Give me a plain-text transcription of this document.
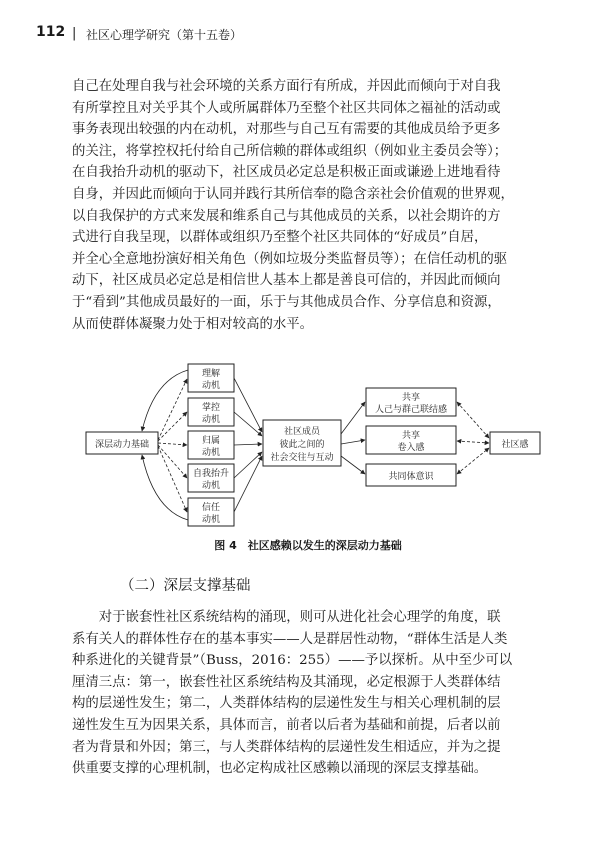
112 | 社区心理学研究（第十五卷）
自己在处理自我与社会环境的关系方面行有所成，并因此而倾向于对自我
有所掌控且对关乎其个人或所属群体乃至整个社区共同体之福祉的活动或
事务表现出较强的内在动机，对那些与自己互有需要的其他成员给予更多
的关注，将掌控权托付给自己所信赖的群体或组织（例如业主委员会等）；
在自我抬升动机的驱动下，社区成员必定总是积极正面或谦逊上进地看待
自身，并因此而倾向于认同并践行其所信奉的隐含亲社会价值观的世界观，
以自我保护的方式来发展和维系自己与其他成员的关系，以社会期许的方
式进行自我呈现，以群体或组织乃至整个社区共同体的“好成员”自居，
并全心全意地扮演好相关角色（例如垃圾分类监督员等）；在信任动机的驱
动下，社区成员必定总是相信世人基本上都是善良可信的，并因此而倾向
于“看到”其他成员最好的一面，乐于与其他成员合作、分享信息和资源，
从而使群体凝聚力处于相对较高的水平。
深层动力基础
理解
动机
掌控
动机
归属
动机
自我抬升
动机
信任
动机
社区成员
彼此之间的
社会交往与互动
共享
人己与群己联结感
共享
卷入感
共同体意识
社区感
图 4　社区感赖以发生的深层动力基础
（二）深层支撑基础
　　对于嵌套性社区系统结构的涌现，则可从进化社会心理学的角度，联
系有关人的群体性存在的基本事实——人是群居性动物，“群体生活是人类
种系进化的关键背景”（Buss，2016：255）——予以探析。从中至少可以
厘清三点：第一，嵌套性社区系统结构及其涌现，必定根源于人类群体结
构的层递性发生；第二，人类群体结构的层递性发生与相关心理机制的层
递性发生互为因果关系，具体而言，前者以后者为基础和前提，后者以前
者为背景和外因；第三，与人类群体结构的层递性发生相适应，并为之提
供重要支撑的心理机制，也必定构成社区感赖以涌现的深层支撑基础。
